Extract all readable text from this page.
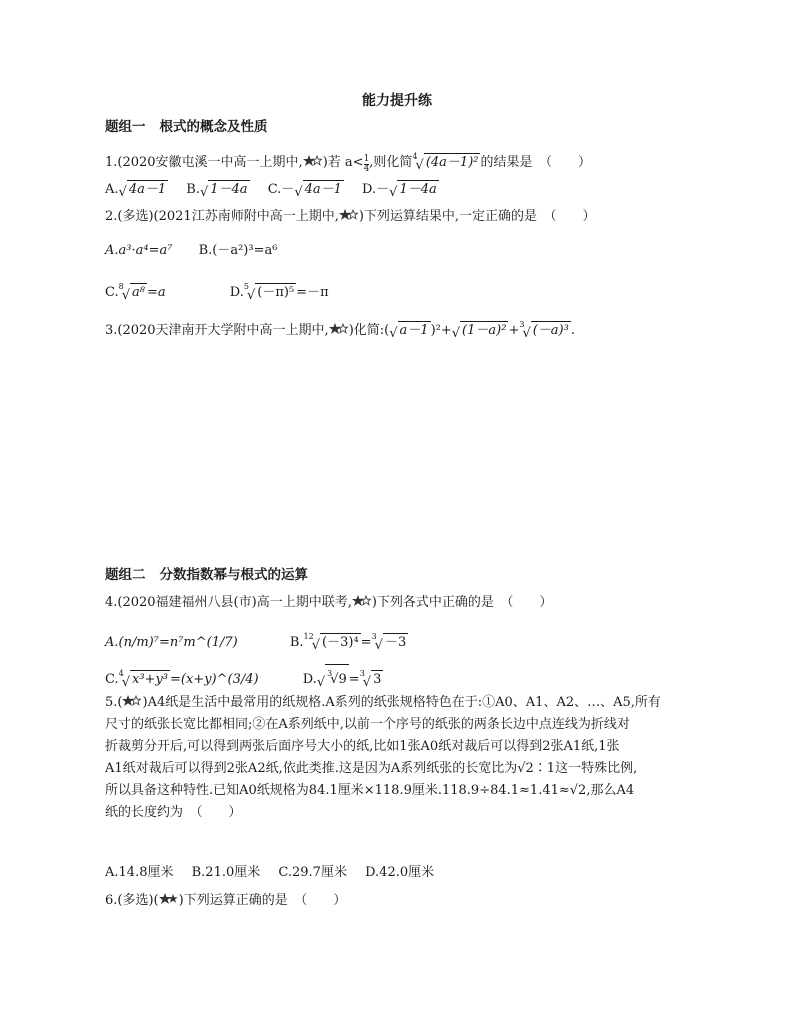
能力提升练
题组一 根式的概念及性质
1.(2020安徽屯溪一中高一上期中, )若 $a< \frac{1}{4}$ ,则化简$^4$√ (4a－1)² 的结果是　（　　）
A.√ 4a－1 B.√ 1－4a C.－√ 4a－1 D.－√ 1－4a
2.(多选)(2021江苏南师附中高一上期中, )下列运算结果中,一定正确的是　（　　）
A.a³·a⁴=a⁷ B.(－a²)³=a⁶
C.$^8$√ a⁸ =a	D.$^5$√ (－π)⁵ =－π
3.(2020天津南开大学附中高一上期中, )化简:(√ a－1 )²+√ (1－a)² +$^3$√ (－a)³ .
题组二 分数指数幂与根式的运算
4.(2020福建福州八县(市)高一上期中联考, )下列各式中正确的是　（　　）
A.(n/m)⁷=n⁷m^(1/7)	B.$^{12}$√ (－3)⁴ =$^3$√ －3
C.$^4$√ x³+y³ =(x+y)^(3/4)	D.√$^3$√9 =$^3$√ 3
5.( )A4纸是生活中最常用的纸规格.A系列的纸张规格特色在于:①A0、A1、A2、…、A5,所有
尺寸的纸张长宽比都相同;②在A系列纸中,以前一个序号的纸张的两条长边中点连线为折线对
折裁剪分开后,可以得到两张后面序号大小的纸,比如1张A0纸对裁后可以得到2张A1纸,1张
A1纸对裁后可以得到2张A2纸,依此类推.这是因为A系列纸张的长宽比为√2∶1这一特殊比例,
所以具备这种特性.已知A0纸规格为84.1厘米×118.9厘米.118.9÷84.1≈1.41≈√2,那么A4
纸的长度约为　（　　）
A.14.8厘米 B.21.0厘米 C.29.7厘米 D.42.0厘米
6.(多选)( )下列运算正确的是　（　　）
